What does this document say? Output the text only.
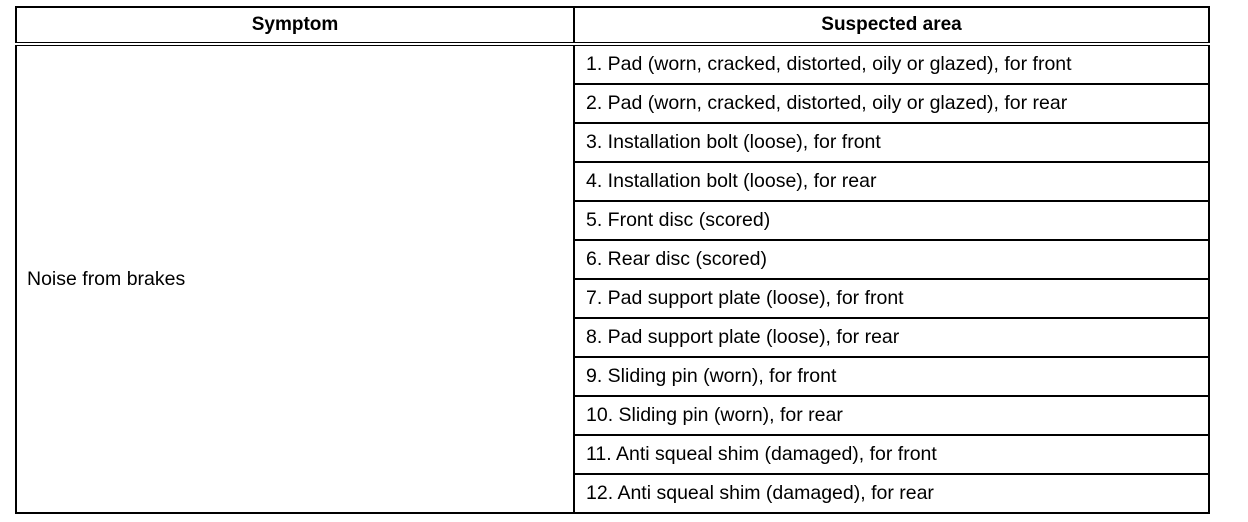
Symptom	Suspected area
Noise from brakes	1. Pad (worn, cracked, distorted, oily or glazed), for front
	2. Pad (worn, cracked, distorted, oily or glazed), for rear
	3. Installation bolt (loose), for front
	4. Installation bolt (loose), for rear
	5. Front disc (scored)
	6. Rear disc (scored)
	7. Pad support plate (loose), for front
	8. Pad support plate (loose), for rear
	9. Sliding pin (worn), for front
	10. Sliding pin (worn), for rear
	11. Anti squeal shim (damaged), for front
	12. Anti squeal shim (damaged), for rear
